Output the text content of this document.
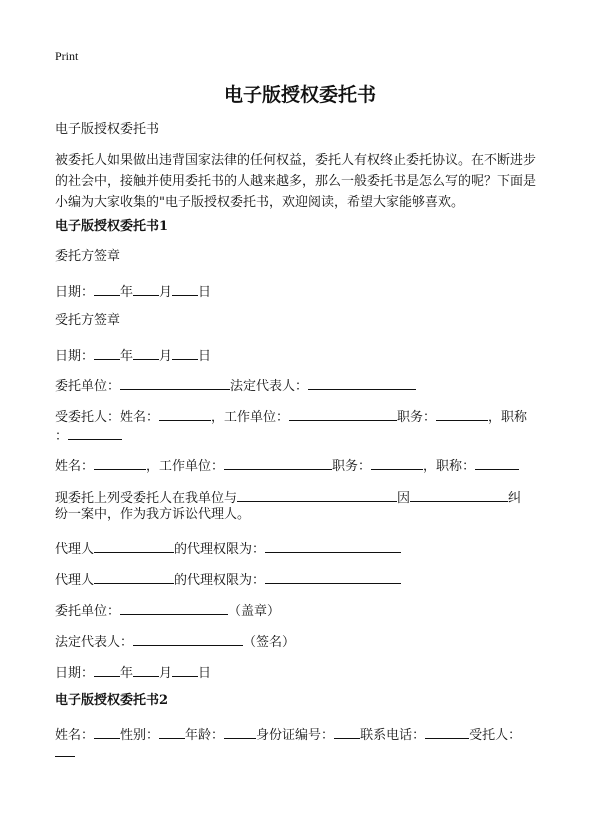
Print
电子版授权委托书
电子版授权委托书
被委托人如果做出违背国家法律的任何权益，委托人有权终止委托协议。在不断进步的社会中，接触并使用委托书的人越来越多，那么一般委托书是怎么写的呢？下面是小编为大家收集的"电子版授权委托书，欢迎阅读，希望大家能够喜欢。
电子版授权委托书1
委托方签章
日期： 年 月 日
受托方签章
日期： 年 月 日
委托单位：	法定代表人：
受委托人：姓名：	，工作单位：	职务：	，职称
：
姓名：	，工作单位：	职务：	，职称：
现委托上列受委托人在我单位与	因	纠
纷一案中，作为我方诉讼代理人。
代理人	的代理权限为：
代理人	的代理权限为：
委托单位：	（盖章）
法定代表人：	（签名）
日期： 年 月 日
电子版授权委托书2
姓名： 性别： 年龄： 身份证编号： 联系电话：	受托人：
